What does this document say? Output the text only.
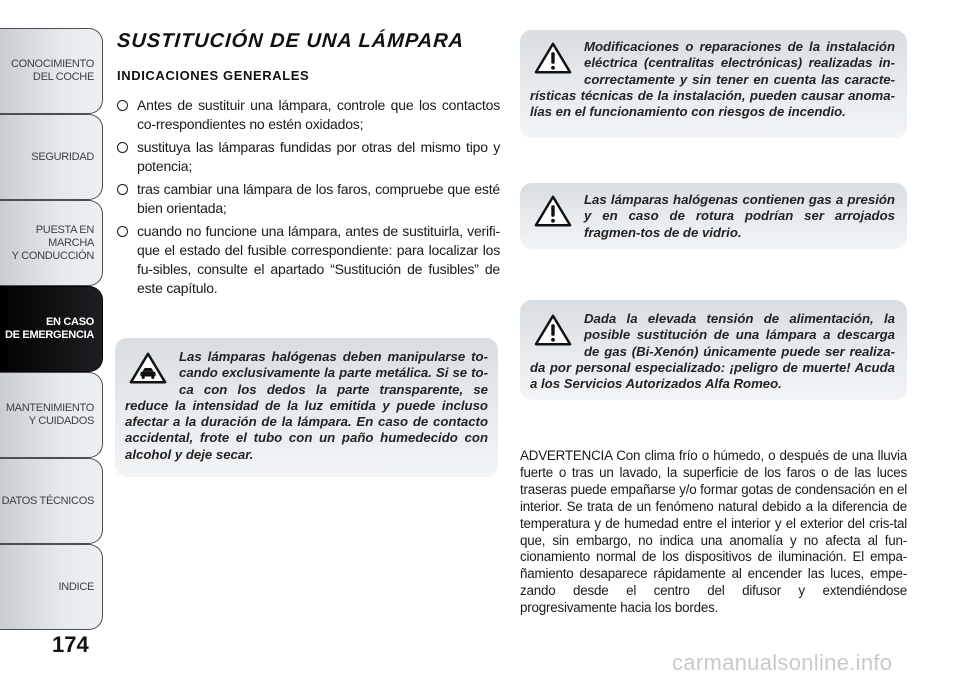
CONOCIMIENTO
DEL COCHE
SEGURIDAD
PUESTA EN MARCHA
Y CONDUCCIÓN
EN CASO
DE EMERGENCIA
MANTENIMIENTO
Y CUIDADOS
DATOS TÉCNICOS
INDICE
174
SUSTITUCIÓN DE UNA LÁMPARA
INDICACIONES GENERALES
Antes de sustituir una lámpara, controle que los contactos co-rrespondientes no estén oxidados;
sustituya las lámparas fundidas por otras del mismo tipo y potencia;
tras cambiar una lámpara de los faros, compruebe que esté bien orientada;
cuando no funcione una lámpara, antes de sustituirla, verifi-que el estado del fusible correspondiente: para localizar los fu-sibles, consulte el apartado “Sustitución de fusibles” de este capítulo.
Las lámparas halógenas deben manipularse to-cando exclusivamente la parte metálica. Si se to-ca con los dedos la parte transparente, se reduce la intensidad de la luz emitida y puede incluso afectar a la duración de la lámpara. En caso de contacto accidental, frote el tubo con un paño humedecido con alcohol y deje secar.
Modificaciones o reparaciones de la instalación eléctrica (centralitas electrónicas) realizadas in-correctamente y sin tener en cuenta las caracte-rísticas técnicas de la instalación, pueden causar anoma-lías en el funcionamiento con riesgos de incendio.
Las lámparas halógenas contienen gas a presión y en caso de rotura podrían ser arrojados fragmen-tos de de vidrio.
Dada la elevada tensión de alimentación, la posible sustitución de una lámpara a descarga de gas (Bi-Xenón) únicamente puede ser realiza-da por personal especializado: ¡peligro de muerte! Acuda a los Servicios Autorizados Alfa Romeo.
ADVERTENCIA Con clima frío o húmedo, o después de una lluvia fuerte o tras un lavado, la superficie de los faros o de las luces traseras puede empañarse y/o formar gotas de condensación en el interior. Se trata de un fenómeno natural debido a la diferencia de temperatura y de humedad entre el interior y el exterior del cris-tal que, sin embargo, no indica una anomalía y no afecta al fun-cionamiento normal de los dispositivos de iluminación. El empa-ñamiento desaparece rápidamente al encender las luces, empe-zando desde el centro del difusor y extendiéndose progresivamente hacia los bordes.
carmanualsonline.info
